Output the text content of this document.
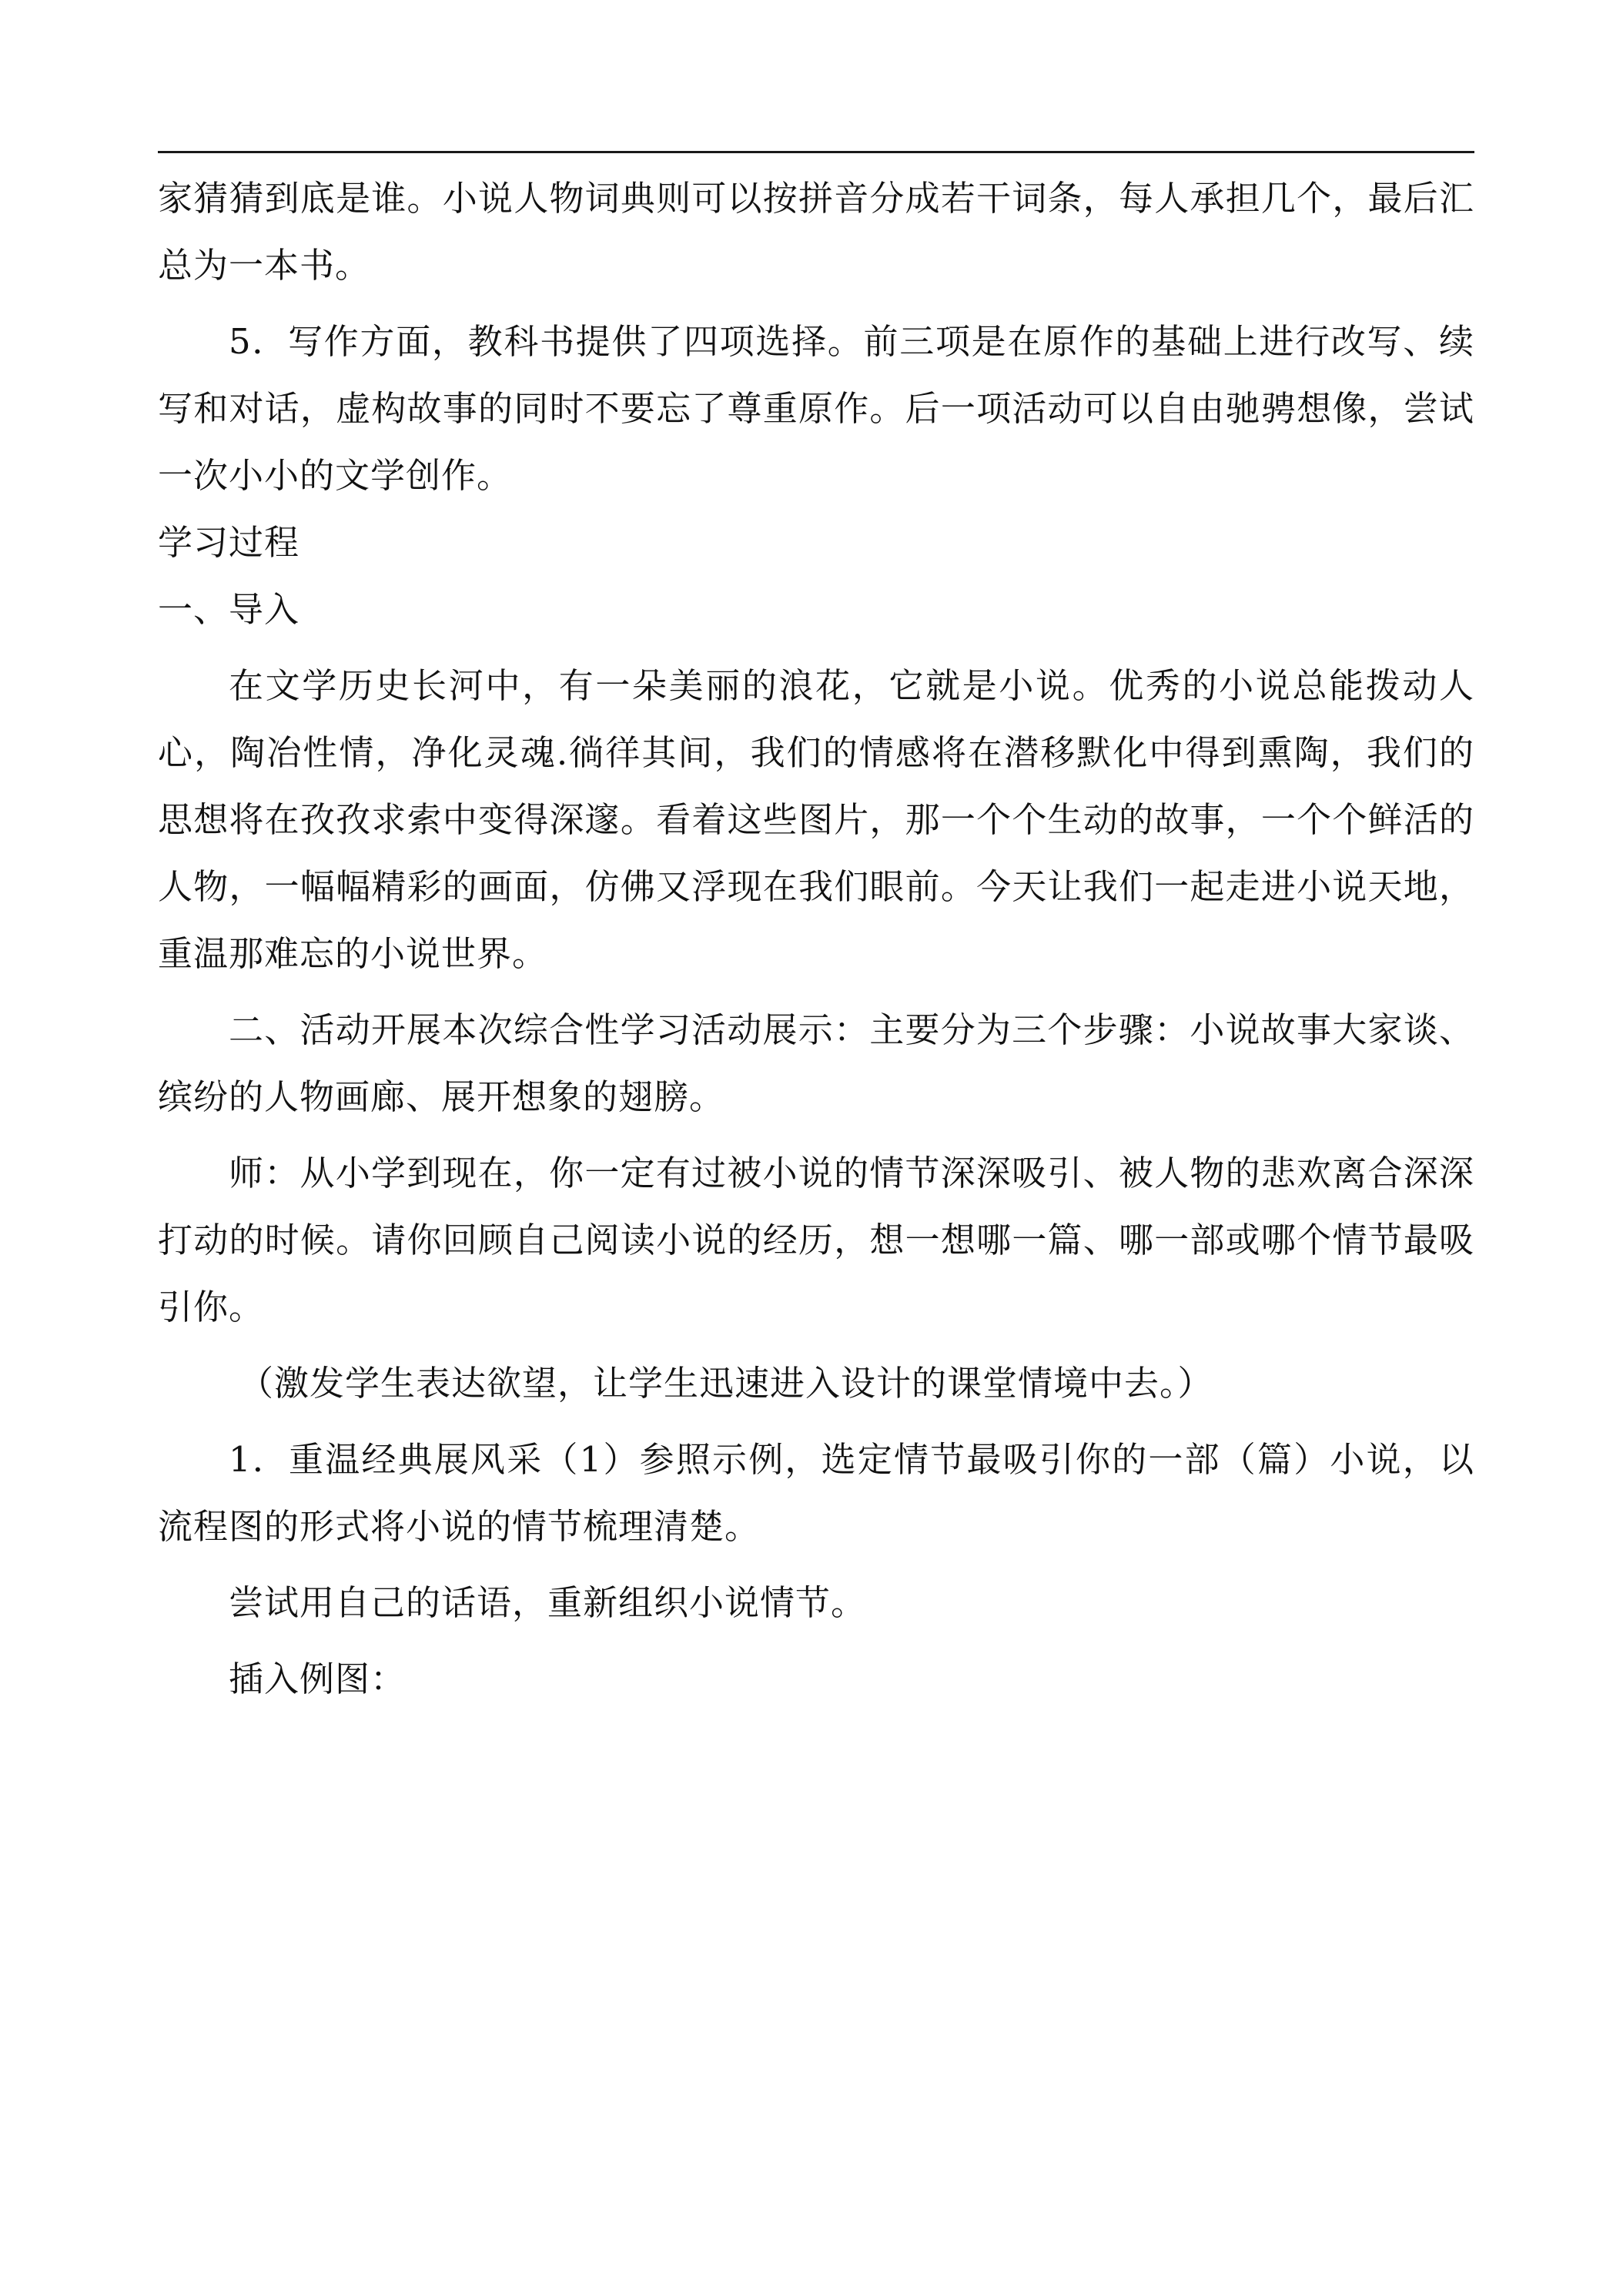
家猜猜到底是谁。小说人物词典则可以按拼音分成若干词条，每人承担几个，最后汇总为一本书。

5．写作方面，教科书提供了四项选择。前三项是在原作的基础上进行改写、续写和对话，虚构故事的同时不要忘了尊重原作。后一项活动可以自由驰骋想像，尝试一次小小的文学创作。

学习过程

一、导入

在文学历史长河中，有一朵美丽的浪花，它就是小说。优秀的小说总能拨动人心，陶冶性情，净化灵魂.徜徉其间，我们的情感将在潜移默化中得到熏陶，我们的思想将在孜孜求索中变得深邃。看着这些图片，那一个个生动的故事，一个个鲜活的人物，一幅幅精彩的画面，仿佛又浮现在我们眼前。今天让我们一起走进小说天地，重温那难忘的小说世界。

二、活动开展本次综合性学习活动展示：主要分为三个步骤：小说故事大家谈、缤纷的人物画廊、展开想象的翅膀。

师：从小学到现在，你一定有过被小说的情节深深吸引、被人物的悲欢离合深深打动的时候。请你回顾自己阅读小说的经历，想一想哪一篇、哪一部或哪个情节最吸引你。

（激发学生表达欲望，让学生迅速进入设计的课堂情境中去。）

1．重温经典展风采（1）参照示例，选定情节最吸引你的一部（篇）小说，以流程图的形式将小说的情节梳理清楚。

尝试用自己的话语，重新组织小说情节。

插入例图：
